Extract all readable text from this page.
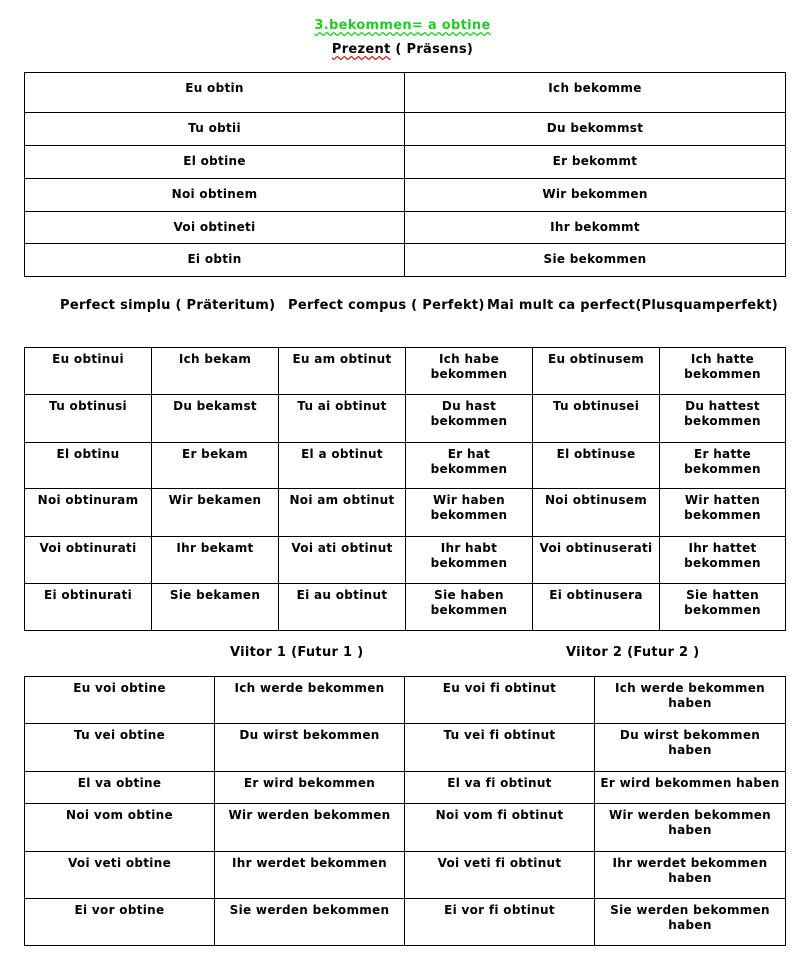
3.bekommen= a obtine
Prezent ( Präsens)
Eu obtin	Ich bekomme
Tu obtii	Du bekommst
El obtine	Er bekommt
Noi obtinem	Wir bekommen
Voi obtineti	Ihr bekommt
Ei obtin	Sie bekommen
Perfect simplu ( Präteritum) Perfect compus ( Perfekt) Mai mult ca perfect(Plusquamperfekt)
Eu obtinui	Ich bekam	Eu am obtinut	Ich habe bekommen	Eu obtinusem	Ich hatte bekommen
Tu obtinusi	Du bekamst	Tu ai obtinut	Du hast bekommen	Tu obtinusei	Du hattest bekommen
El obtinu	Er bekam	El a obtinut	Er hat bekommen	El obtinuse	Er hatte bekommen
Noi obtinuram	Wir bekamen	Noi am obtinut	Wir haben bekommen	Noi obtinusem	Wir hatten bekommen
Voi obtinurati	Ihr bekamt	Voi ati obtinut	Ihr habt bekommen	Voi obtinuserati	Ihr hattet bekommen
Ei obtinurati	Sie bekamen	Ei au obtinut	Sie haben bekommen	Ei obtinusera	Sie hatten bekommen
Viitor 1 (Futur 1 )	Viitor 2 (Futur 2 )
Eu voi obtine	Ich werde bekommen	Eu voi fi obtinut	Ich werde bekommen haben
Tu vei obtine	Du wirst bekommen	Tu vei fi obtinut	Du wirst bekommen haben
El va obtine	Er wird bekommen	El va fi obtinut	Er wird bekommen haben
Noi vom obtine	Wir werden bekommen	Noi vom fi obtinut	Wir werden bekommen haben
Voi veti obtine	Ihr werdet bekommen	Voi veti fi obtinut	Ihr werdet bekommen haben
Ei vor obtine	Sie werden bekommen	Ei vor fi obtinut	Sie werden bekommen haben
